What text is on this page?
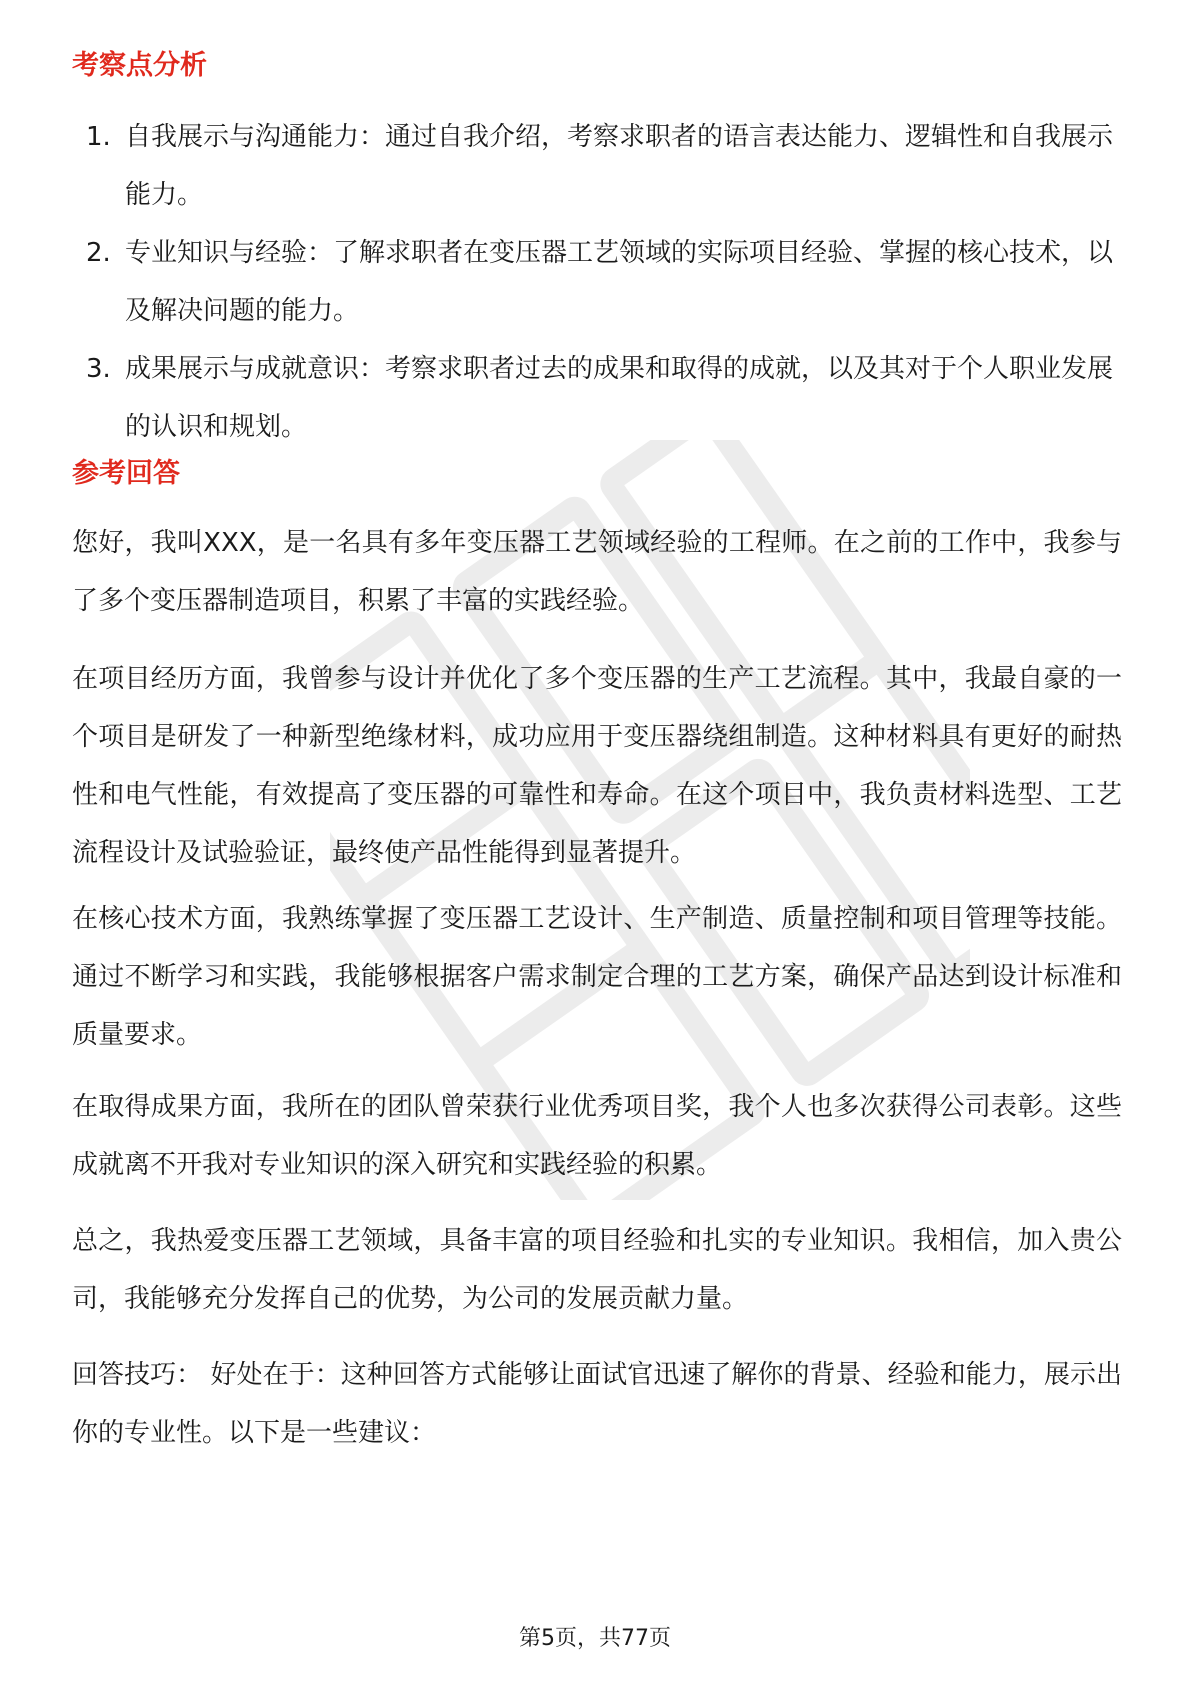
考察点分析
1. 自我展示与沟通能力：通过自我介绍，考察求职者的语言表达能力、逻辑性和自我展示能力。
2. 专业知识与经验：了解求职者在变压器工艺领域的实际项目经验、掌握的核心技术，以及解决问题的能力。
3. 成果展示与成就意识：考察求职者过去的成果和取得的成就，以及其对于个人职业发展的认识和规划。
参考回答

您好，我叫XXX，是一名具有多年变压器工艺领域经验的工程师。在之前的工作中，我参与了多个变压器制造项目，积累了丰富的实践经验。

在项目经历方面，我曾参与设计并优化了多个变压器的生产工艺流程。其中，我最自豪的一个项目是研发了一种新型绝缘材料，成功应用于变压器绕组制造。这种材料具有更好的耐热性和电气性能，有效提高了变压器的可靠性和寿命。在这个项目中，我负责材料选型、工艺流程设计及试验验证，最终使产品性能得到显著提升。

在核心技术方面，我熟练掌握了变压器工艺设计、生产制造、质量控制和项目管理等技能。通过不断学习和实践，我能够根据客户需求制定合理的工艺方案，确保产品达到设计标准和质量要求。

在取得成果方面，我所在的团队曾荣获行业优秀项目奖，我个人也多次获得公司表彰。这些成就离不开我对专业知识的深入研究和实践经验的积累。

总之，我热爱变压器工艺领域，具备丰富的项目经验和扎实的专业知识。我相信，加入贵公司，我能够充分发挥自己的优势，为公司的发展贡献力量。

回答技巧： 好处在于：这种回答方式能够让面试官迅速了解你的背景、经验和能力，展示出你的专业性。以下是一些建议：

第5页，共77页
